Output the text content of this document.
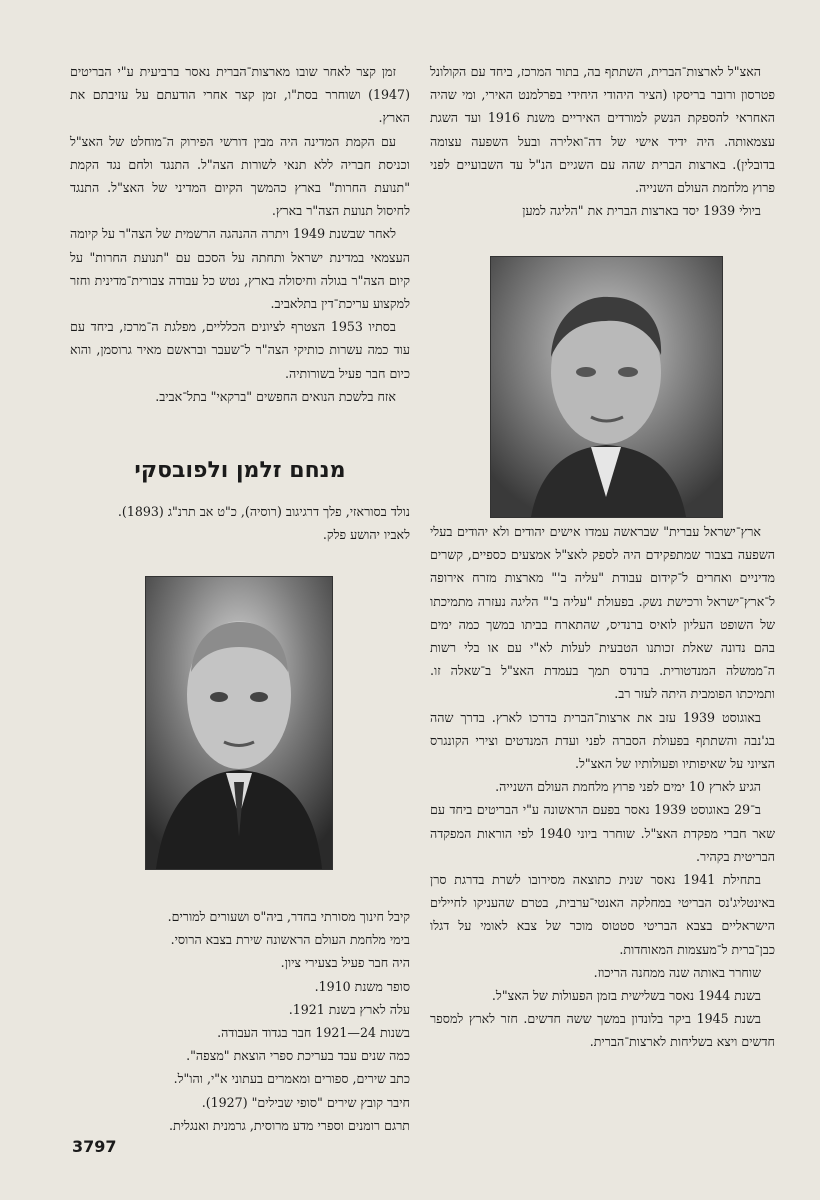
האצ"ל לארצות־הברית, השתתף בה, בתור המרכז, ביחד עם הקולונל פטרסון ורובר בריסקו (הציר היהודי היחידי בפרלמנט האירי, ומי שהיה האחראי להספקת הנשק למורדים האיריים משנת 1916 ועד השגת עצמאותה. היה ידיד אישי של דה־ואלירה ובעל השפעה עצומה בדובלין). בארצות הברית שהה עם השגיים הנ"ל עד השבועיים לפני פרוץ מלחמת העולם השנייה.

ביולי 1939 יסד בארצות הברית את "הליגה למען

ארץ־ישראל עברית" שבראשה עמדו אישים יהודים ולא יהודים בעלי השפעה בצבור שמתפקידם היה לספק לאצ"ל אמצעים כספיים, קשרים מדיניים ואחרים ל־קידום עבודת "עליה ב'" מארצות מזרח אירופה ל־ארץ־ישראל ורכישת נשק. בפעולת "עליה ב'" הליגה נעזרה מתמיכתו של השופט העליון לואיס ברנדיס, שהתארח בביתו במשך כמה ימים בהם נדונה שאלת זכותנו הטבעית לעלות לא"י עם או בלי רשות ה־ממשלה המנדטורית. ברנדס תמך בעמדת האצ"ל ב־שאלה זו. ותמיכתו הפומבית היתה לעזר רב.

באוגוסט 1939 עזב את ארצות־הברית בדרכו לארץ. בדרך שהה בג'נבה והשתתף בפעולת הסברה לפני ועדת המנדטים וצירי הקונגרס הציוני על שאיפותיו ופעולותיו של האצ"ל.

הגיע לארץ 10 ימים לפני פרוץ מלחמת העולם השנייה.

ב־29 באוגוסט 1939 נאסר בפעם הראשונה ע"י הבריטים ביחד עם שאר חברי מפקדת האצ"ל. שוחרר ביוני 1940 לפי הוראות המפקדה הבריטית בקהיר.

בתחילת 1941 נאסר שנית כתוצאה מסירובו לשרת בדרגת סרן באינטליג'נס הבריטי במחלקה האנטי־ערבית, בטרם שהעניקו לחיילים הישראליים בצבא הבריטי סטטוס מוכר של צבא לאומי על דגלו כבן־ברית ל־מעצמות המאוחדות.

שוחרר באותה שנה ממחנה הריכוז.

בשנת 1944 נאסר בשלישית בזמן הפעולות של האצ"ל.

בשנת 1945 ביקר בלונדון במשך ששה חדשים. חזר לארץ למספר חדשים ויצא בשליחות לארצות־הברית.

זמן קצר לאחר שובו מארצות־הברית נאסר ברביעית ע"י הבריטים (1947) ושוחרר בסת"ו, זמן קצר אחרי הודעתם על עזיבתם את הארץ.

עם הקמת המדינה היה מבין דורשי הפירוק ה־מוחלט של האצ"ל וכניסת חבריה ללא תנאי לשורות הצה"ל. התנגד ולחם נגד הקמת "תנועת החרות" בארץ כהמשך הקיום המדיני של האצ"ל. התנגד לחיסול תנועת הצה"ר בארץ.

לאחר שבשנת 1949 ויתרה ההנהגה הרשמית של הצה"ר על קיומה העצמאי במדינת ישראל ותחתה על הסכם עם "תנועת החרות" על קיום הצה"ר בגולה וחיסולה בארץ, נטש כל עבודה צבורית־מדינית וחזר למקצוע עריכת־דין בתלאביב.

בסתיו 1953 הצטרף לציונים הכלליים, מפלגת ה־מרכז, ביחד עם עוד כמה עשרות כותיקי הצה"ר ל־שעבר ובראשם מאיר גרוסמן, והוא כיום חבר פעיל בשורותיה.

אזח בלשכת הנואים החפשים "ברקאי" בתל־אביב.

מנחם זלמן ולפובסקי

נולד בסוראזי, פלך דרגיגוב (רוסיה), כ"ט אב תרנ"ג (1893).

לאביו יהושע פלק.

קיבל חינוך מסורתי בחדר, ביה"ס ושעורים למורים.

בימי מלחמת העולם הראשונה שירת בצבא הרוסי.

היה חבר פעיל בצעירי ציון.

סופר משנת 1910.

עלה לארץ בשנת 1921.

בשנות 24—1921 חבר בגדוד העבודה.

כמה שנים עבד בעריכת ספרי הוצאת "מצפה".

כתב שירים, ספורים ומאמרים בעתוני א"י, והו"ל.

חיבר קובץ שירים "סופי שבילים" (1927).

תרגם רומנים וספרי מדע מרוסית, גרמנית ואנגלית.

3797
